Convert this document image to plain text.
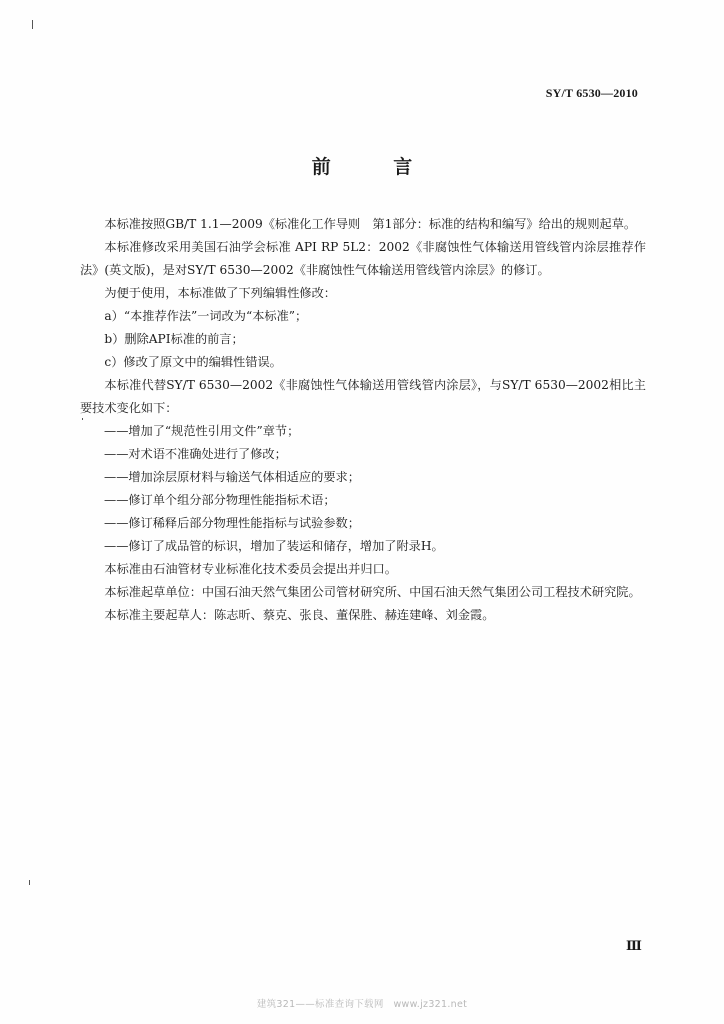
SY/T 6530—2010
前 言

本标准按照GB/T 1.1—2009《标准化工作导则　第1部分：标准的结构和编写》给出的规则起草。

本标准修改采用美国石油学会标准 API RP 5L2：2002《非腐蚀性气体输送用管线管内涂层推荐作法》(英文版)，是对SY/T 6530—2002《非腐蚀性气体输送用管线管内涂层》的修订。

为便于使用，本标准做了下列编辑性修改：

a）“本推荐作法”一词改为“本标准”；

b）删除API标准的前言；

c）修改了原文中的编辑性错误。

本标准代替SY/T 6530—2002《非腐蚀性气体输送用管线管内涂层》，与SY/T 6530—2002相比主要技术变化如下：

——增加了“规范性引用文件”章节；

——对术语不准确处进行了修改；

——增加涂层原材料与输送气体相适应的要求；

——修订单个组分部分物理性能指标术语；

——修订稀释后部分物理性能指标与试验参数；

——修订了成品管的标识，增加了装运和储存，增加了附录H。

本标准由石油管材专业标准化技术委员会提出并归口。

本标准起草单位：中国石油天然气集团公司管材研究所、中国石油天然气集团公司工程技术研究院。

本标准主要起草人：陈志昕、蔡克、张良、董保胜、赫连建峰、刘金霞。

Ⅲ
建筑321——标准查询下载网　www.jz321.net
